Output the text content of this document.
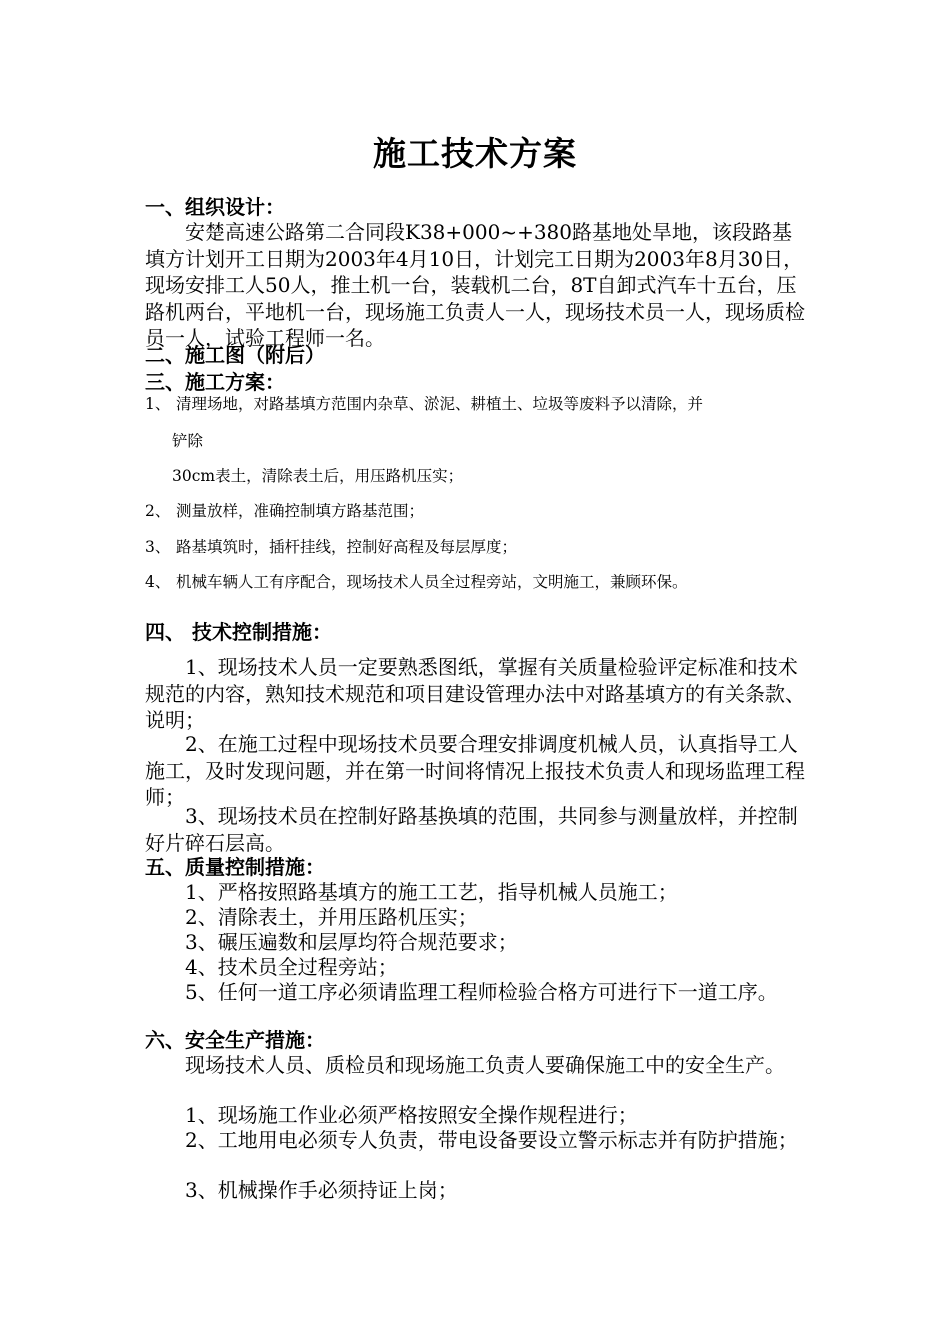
施工技术方案
一、组织设计：
安楚高速公路第二合同段K38+000~+380路基地处旱地，该段路基填方计划开工日期为2003年4月10日，计划完工日期为2003年8月30日，现场安排工人50人，推土机一台，装载机二台，8T自卸式汽车十五台，压路机两台，平地机一台，现场施工负责人一人，现场技术员一人，现场质检员一人，试验工程师一名。
二、施工图（附后）
三、施工方案：
1、 清理场地，对路基填方范围内杂草、淤泥、耕植土、垃圾等废料予以清除，并
铲除
30cm表土，清除表土后，用压路机压实；
2、 测量放样，准确控制填方路基范围；
3、 路基填筑时，插杆挂线，控制好高程及每层厚度；
4、 机械车辆人工有序配合，现场技术人员全过程旁站，文明施工，兼顾环保。
四、 技术控制措施：
1、现场技术人员一定要熟悉图纸，掌握有关质量检验评定标准和技术规范的内容，熟知技术规范和项目建设管理办法中对路基填方的有关条款、说明；
2、在施工过程中现场技术员要合理安排调度机械人员，认真指导工人施工，及时发现问题，并在第一时间将情况上报技术负责人和现场监理工程师；
3、现场技术员在控制好路基换填的范围，共同参与测量放样，并控制好片碎石层高。
五、质量控制措施：
1、严格按照路基填方的施工工艺，指导机械人员施工；
2、清除表土，并用压路机压实；
3、碾压遍数和层厚均符合规范要求；
4、技术员全过程旁站；
5、任何一道工序必须请监理工程师检验合格方可进行下一道工序。
六、安全生产措施：
现场技术人员、质检员和现场施工负责人要确保施工中的安全生产。
1、现场施工作业必须严格按照安全操作规程进行；
2、工地用电必须专人负责，带电设备要设立警示标志并有防护措施；
3、机械操作手必须持证上岗；
